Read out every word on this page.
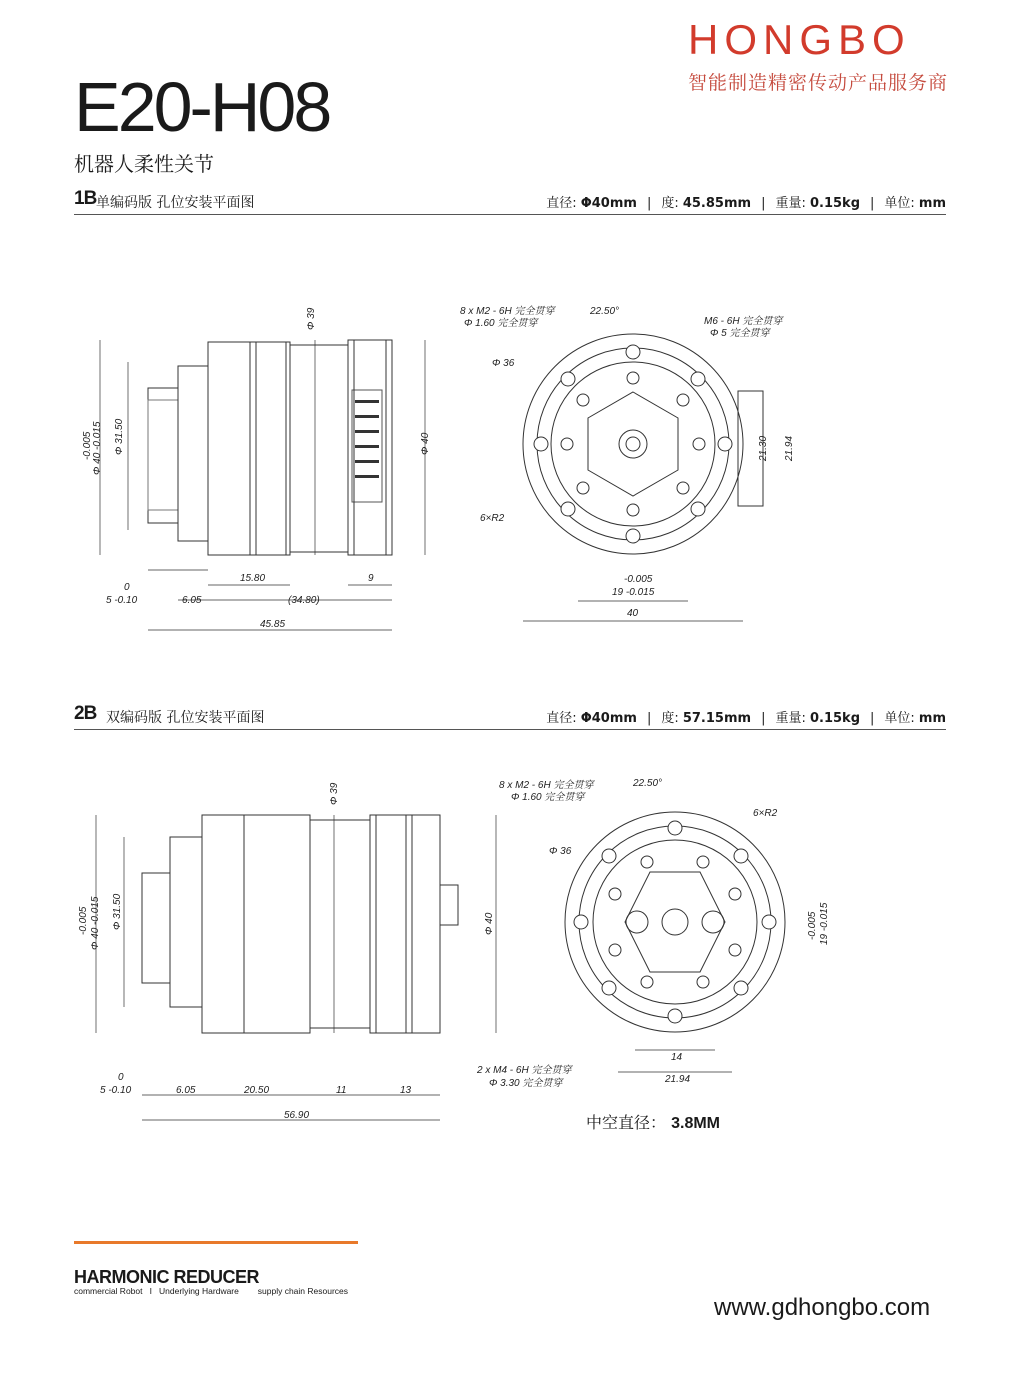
HONGBO
智能制造精密传动产品服务商
E20-H08
机器人柔性关节
1B 单编码版 孔位安装平面图	直径: Φ40mm | 度: 45.85mm | 重量: 0.15kg | 单位: mm
-0.005 Φ 40 -0.015 Φ 31.50
Φ 39
Φ 40
15.80	9
0
5 -0.10	6.05	(34.80)
45.85
8 x M2 - 6H 完全贯穿
Φ 1.60 完全贯穿
22.50°
M6 - 6H 完全贯穿
Φ 5 完全贯穿
Φ 36
6×R2
21.30 21.94
-0.005
19 -0.015
40
2B 双编码版 孔位安装平面图	直径: Φ40mm | 度: 57.15mm | 重量: 0.15kg | 单位: mm
-0.005 Φ 40 -0.015 Φ 31.50
Φ 39
Φ 40
0
5 -0.10	6.05	20.50	11	13
56.90
8 x M2 - 6H 完全贯穿
Φ 1.60 完全贯穿
22.50°
6×R2
Φ 36
-0.005 19 -0.015
14
21.94
2 x M4 - 6H 完全贯穿
Φ 3.30 完全贯穿
中空直径： 3.8MM
HARMONIC REDUCER
commercial Robot   I   Underlying Hardware        supply chain Resources
www.gdhongbo.com
